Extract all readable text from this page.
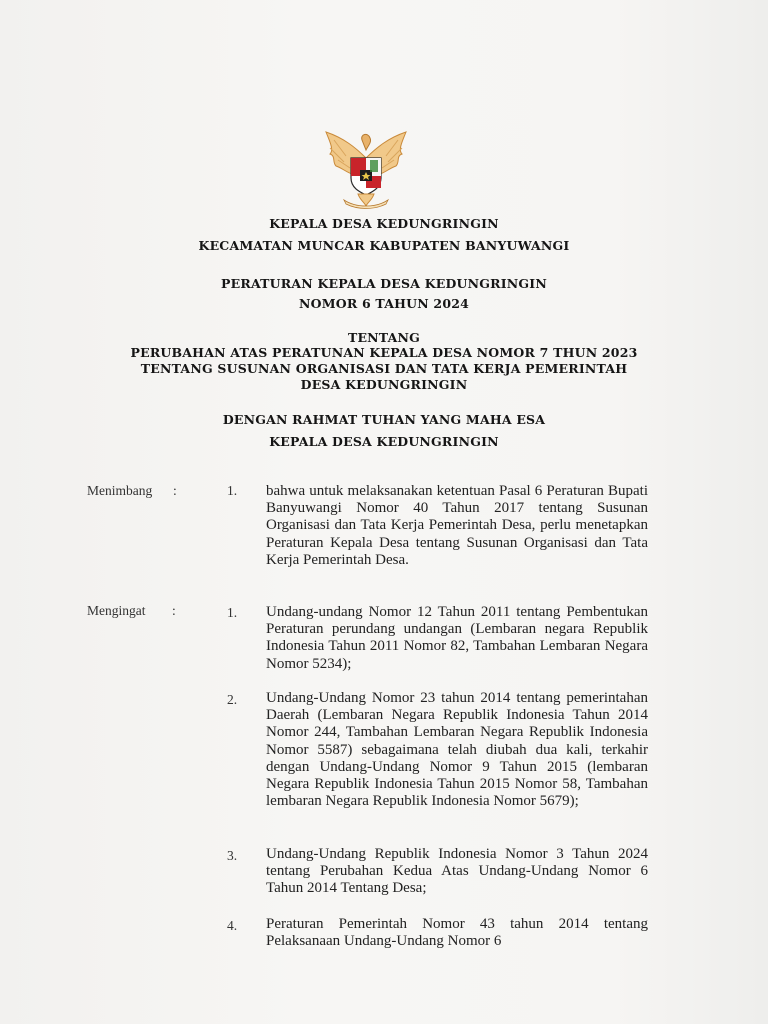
KEPALA DESA KEDUNGRINGIN
KECAMATAN MUNCAR KABUPATEN BANYUWANGI
PERATURAN KEPALA DESA KEDUNGRINGIN
NOMOR 6 TAHUN 2024
TENTANG
PERUBAHAN ATAS PERATUNAN KEPALA DESA NOMOR 7 THUN 2023
TENTANG SUSUNAN ORGANISASI DAN TATA KERJA PEMERINTAH
DESA KEDUNGRINGIN
DENGAN RAHMAT TUHAN YANG MAHA ESA
KEPALA DESA KEDUNGRINGIN
Menimbang :	1. bahwa untuk melaksanakan ketentuan Pasal 6 Peraturan Bupati Banyuwangi Nomor 40 Tahun 2017 tentang Susunan Organisasi dan Tata Kerja Pemerintah Desa, perlu menetapkan Peraturan Kepala Desa tentang Susunan Organisasi dan Tata Kerja Pemerintah Desa.
Mengingat :	1. Undang-undang Nomor 12 Tahun 2011 tentang Pembentukan Peraturan perundang undangan (Lembaran negara Republik Indonesia Tahun 2011 Nomor 82, Tambahan Lembaran Negara Nomor 5234);
2. Undang-Undang Nomor 23 tahun 2014 tentang pemerintahan Daerah (Lembaran Negara Republik Indonesia Tahun 2014 Nomor 244, Tambahan Lembaran Negara Republik Indonesia Nomor 5587) sebagaimana telah diubah dua kali, terkahir dengan Undang-Undang Nomor 9 Tahun 2015 (lembaran Negara Republik Indonesia Tahun 2015 Nomor 58, Tambahan lembaran Negara Republik Indonesia Nomor 5679);
3. Undang-Undang Republik Indonesia Nomor 3 Tahun 2024 tentang Perubahan Kedua Atas Undang-Undang Nomor 6 Tahun 2014 Tentang Desa;
4. Peraturan Pemerintah Nomor 43 tahun 2014 tentang Pelaksanaan Undang-Undang Nomor 6
